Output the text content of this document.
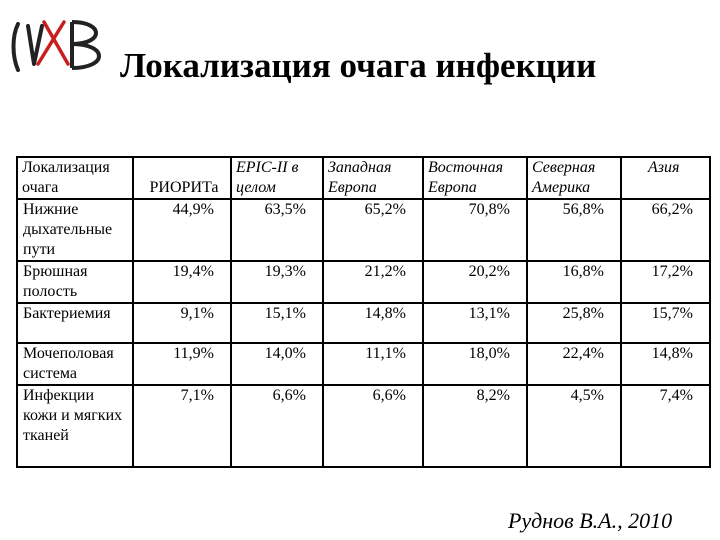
Локализация очага инфекции
Локализация очага	РИОРИТа	EPIC-II в целом	Западная Европа	Восточная Европа	Северная Америка	Азия
Нижние дыхательные пути	44,9%	63,5%	65,2%	70,8%	56,8%	66,2%
Брюшная полость	19,4%	19,3%	21,2%	20,2%	16,8%	17,2%
Бактериемия	9,1%	15,1%	14,8%	13,1%	25,8%	15,7%
Мочеполовая система	11,9%	14,0%	11,1%	18,0%	22,4%	14,8%
Инфекции кожи и мягких тканей	7,1%	6,6%	6,6%	8,2%	4,5%	7,4%
Руднов В.А., 2010
